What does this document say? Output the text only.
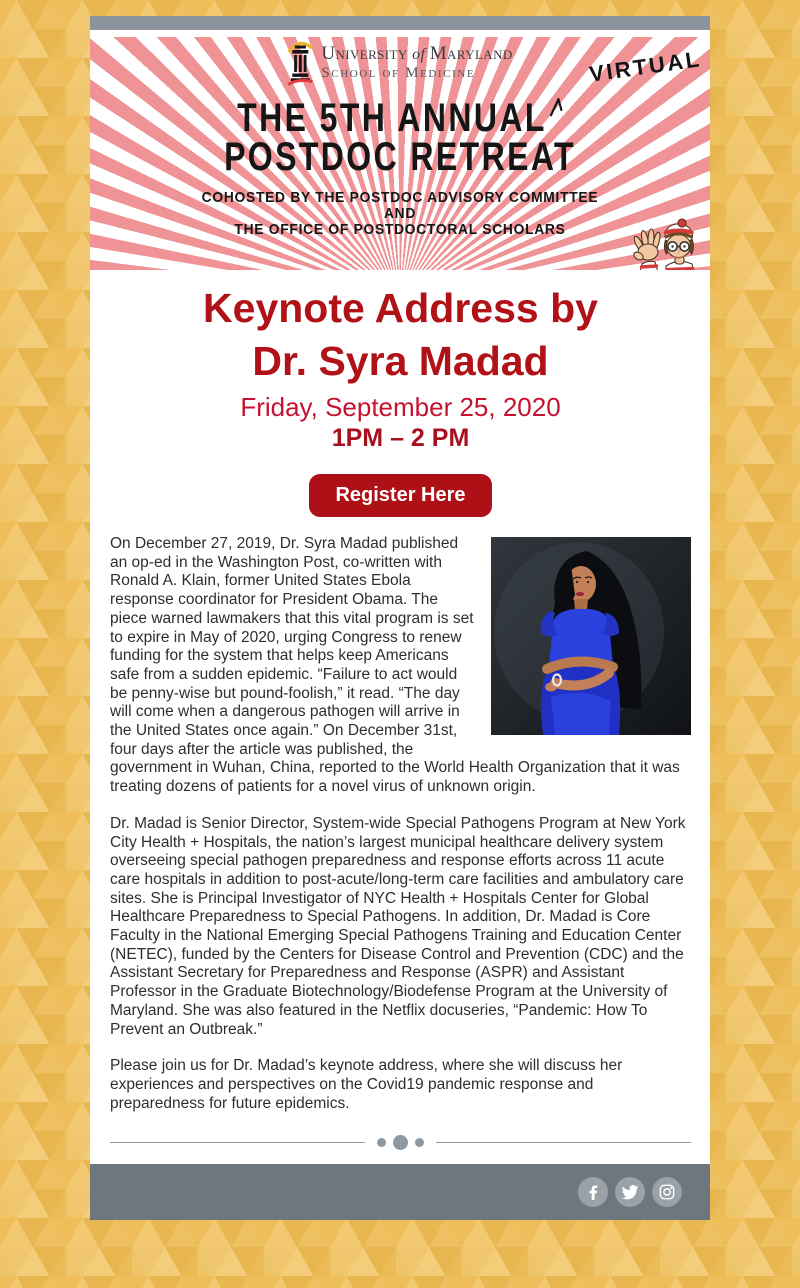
University of Maryland
School of Medicine	VIRTUAL
THE 5TH ANNUAL
POSTDOC RETREAT
COHOSTED BY THE POSTDOC ADVISORY COMMITTEE
AND
THE OFFICE OF POSTDOCTORAL SCHOLARS
Keynote Address by
Dr. Syra Madad
Friday, September 25, 2020
1PM – 2 PM
Register Here

On December 27, 2019, Dr. Syra Madad published an op-ed in the Washington Post, co-written with Ronald A. Klain, former United States Ebola response coordinator for President Obama. The piece warned lawmakers that this vital program is set to expire in May of 2020, urging Congress to renew funding for the system that helps keep Americans safe from a sudden epidemic. “Failure to act would be penny-wise but pound-foolish,” it read. “The day will come when a dangerous pathogen will arrive in the United States once again.” On December 31st, four days after the article was published, the government in Wuhan, China, reported to the World Health Organization that it was treating dozens of patients for a novel virus of unknown origin.

Dr. Madad is Senior Director, System-wide Special Pathogens Program at New York City Health + Hospitals, the nation’s largest municipal healthcare delivery system overseeing special pathogen preparedness and response efforts across 11 acute care hospitals in addition to post-acute/long-term care facilities and ambulatory care sites. She is Principal Investigator of NYC Health + Hospitals Center for Global Healthcare Preparedness to Special Pathogens. In addition, Dr. Madad is Core Faculty in the National Emerging Special Pathogens Training and Education Center (NETEC), funded by the Centers for Disease Control and Prevention (CDC) and the Assistant Secretary for Preparedness and Response (ASPR) and Assistant Professor in the Graduate Biotechnology/Biodefense Program at the University of Maryland. She was also featured in the Netflix docuseries, “Pandemic: How To Prevent an Outbreak.”

Please join us for Dr. Madad’s keynote address, where she will discuss her experiences and perspectives on the Covid19 pandemic response and preparedness for future epidemics.
